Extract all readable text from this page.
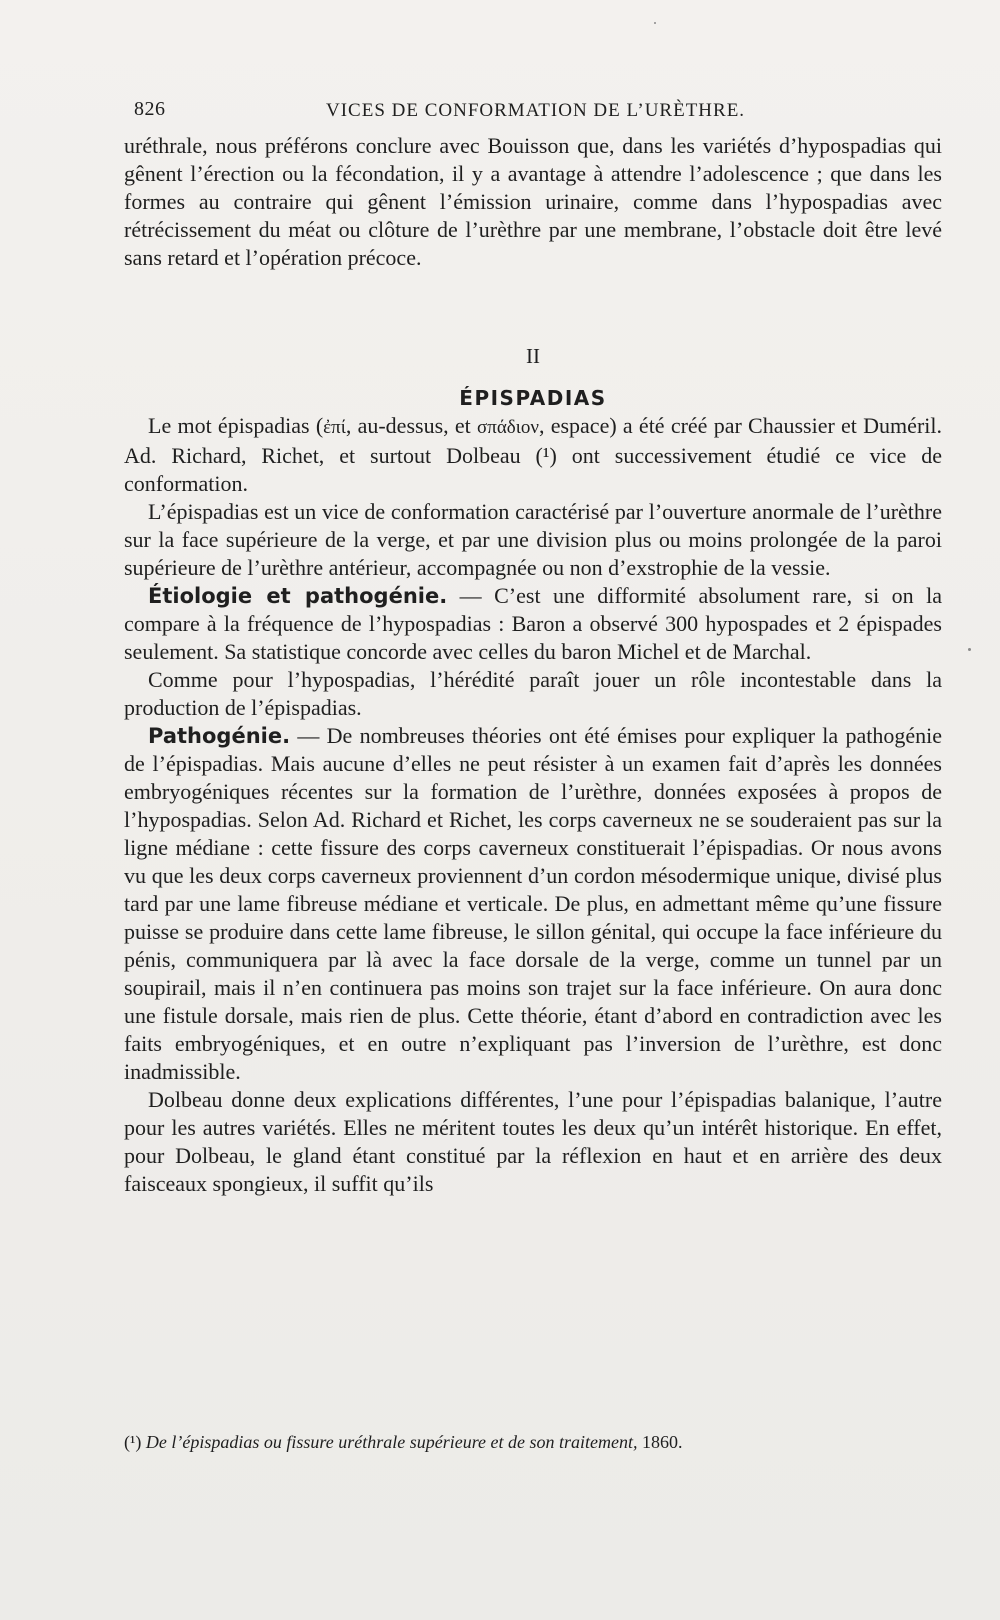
826	VICES DE CONFORMATION DE L’URÈTHRE.

uréthrale, nous préférons conclure avec Bouisson que, dans les variétés d’hypospadias qui gênent l’érection ou la fécondation, il y a avantage à attendre l’adolescence ; que dans les formes au contraire qui gênent l’émission urinaire, comme dans l’hypospadias avec rétrécissement du méat ou clôture de l’urèthre par une membrane, l’obstacle doit être levé sans retard et l’opération précoce.

II
ÉPISPADIAS

Le mot épispadias (ἐπί, au-dessus, et σπάδιον, espace) a été créé par Chaussier et Duméril. Ad. Richard, Richet, et surtout Dolbeau (¹) ont successivement étudié ce vice de conformation.

L’épispadias est un vice de conformation caractérisé par l’ouverture anormale de l’urèthre sur la face supérieure de la verge, et par une division plus ou moins prolongée de la paroi supérieure de l’urèthre antérieur, accompagnée ou non d’exstrophie de la vessie.

Étiologie et pathogénie. — C’est une difformité absolument rare, si on la compare à la fréquence de l’hypospadias : Baron a observé 300 hypospades et 2 épispades seulement. Sa statistique concorde avec celles du baron Michel et de Marchal.

Comme pour l’hypospadias, l’hérédité paraît jouer un rôle incontestable dans la production de l’épispadias.

Pathogénie. — De nombreuses théories ont été émises pour expliquer la pathogénie de l’épispadias. Mais aucune d’elles ne peut résister à un examen fait d’après les données embryogéniques récentes sur la formation de l’urèthre, données exposées à propos de l’hypospadias. Selon Ad. Richard et Richet, les corps caverneux ne se souderaient pas sur la ligne médiane : cette fissure des corps caverneux constituerait l’épispadias. Or nous avons vu que les deux corps caverneux proviennent d’un cordon mésodermique unique, divisé plus tard par une lame fibreuse médiane et verticale. De plus, en admettant même qu’une fissure puisse se produire dans cette lame fibreuse, le sillon génital, qui occupe la face inférieure du pénis, communiquera par là avec la face dorsale de la verge, comme un tunnel par un soupirail, mais il n’en continuera pas moins son trajet sur la face inférieure. On aura donc une fistule dorsale, mais rien de plus. Cette théorie, étant d’abord en contradiction avec les faits embryogéniques, et en outre n’expliquant pas l’inversion de l’urèthre, est donc inadmissible.

Dolbeau donne deux explications différentes, l’une pour l’épispadias balanique, l’autre pour les autres variétés. Elles ne méritent toutes les deux qu’un intérêt historique. En effet, pour Dolbeau, le gland étant constitué par la réflexion en haut et en arrière des deux faisceaux spongieux, il suffit qu’ils

(¹) De l’épispadias ou fissure uréthrale supérieure et de son traitement, 1860.
